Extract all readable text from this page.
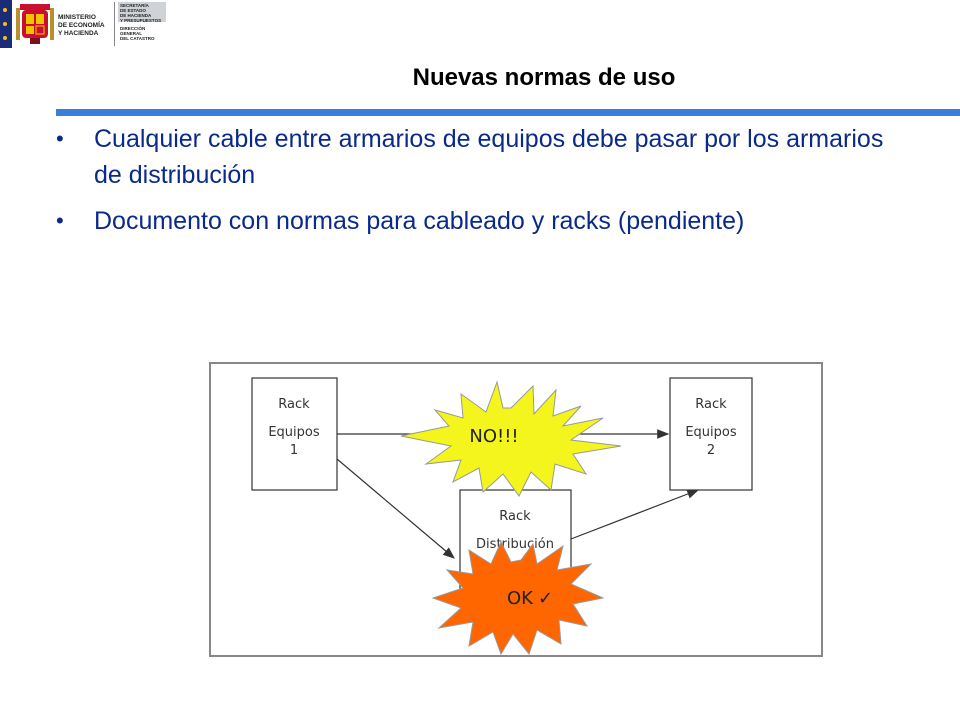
MINISTERIO
DE ECONOMÍA
Y HACIENDA
SECRETARÍA
DE ESTADO
DE HACIENDA
Y PRESUPUESTOS
DIRECCIÓN
GENERAL
DEL CATASTRO
Nuevas normas de uso
•	Cualquier cable entre armarios de equipos debe pasar por los armarios de distribución
•	Documento con normas para cableado y racks (pendiente)
Rack
Equipos
1
Rack
Equipos
2
Rack
Distribución
NO!!!
OK ✓
